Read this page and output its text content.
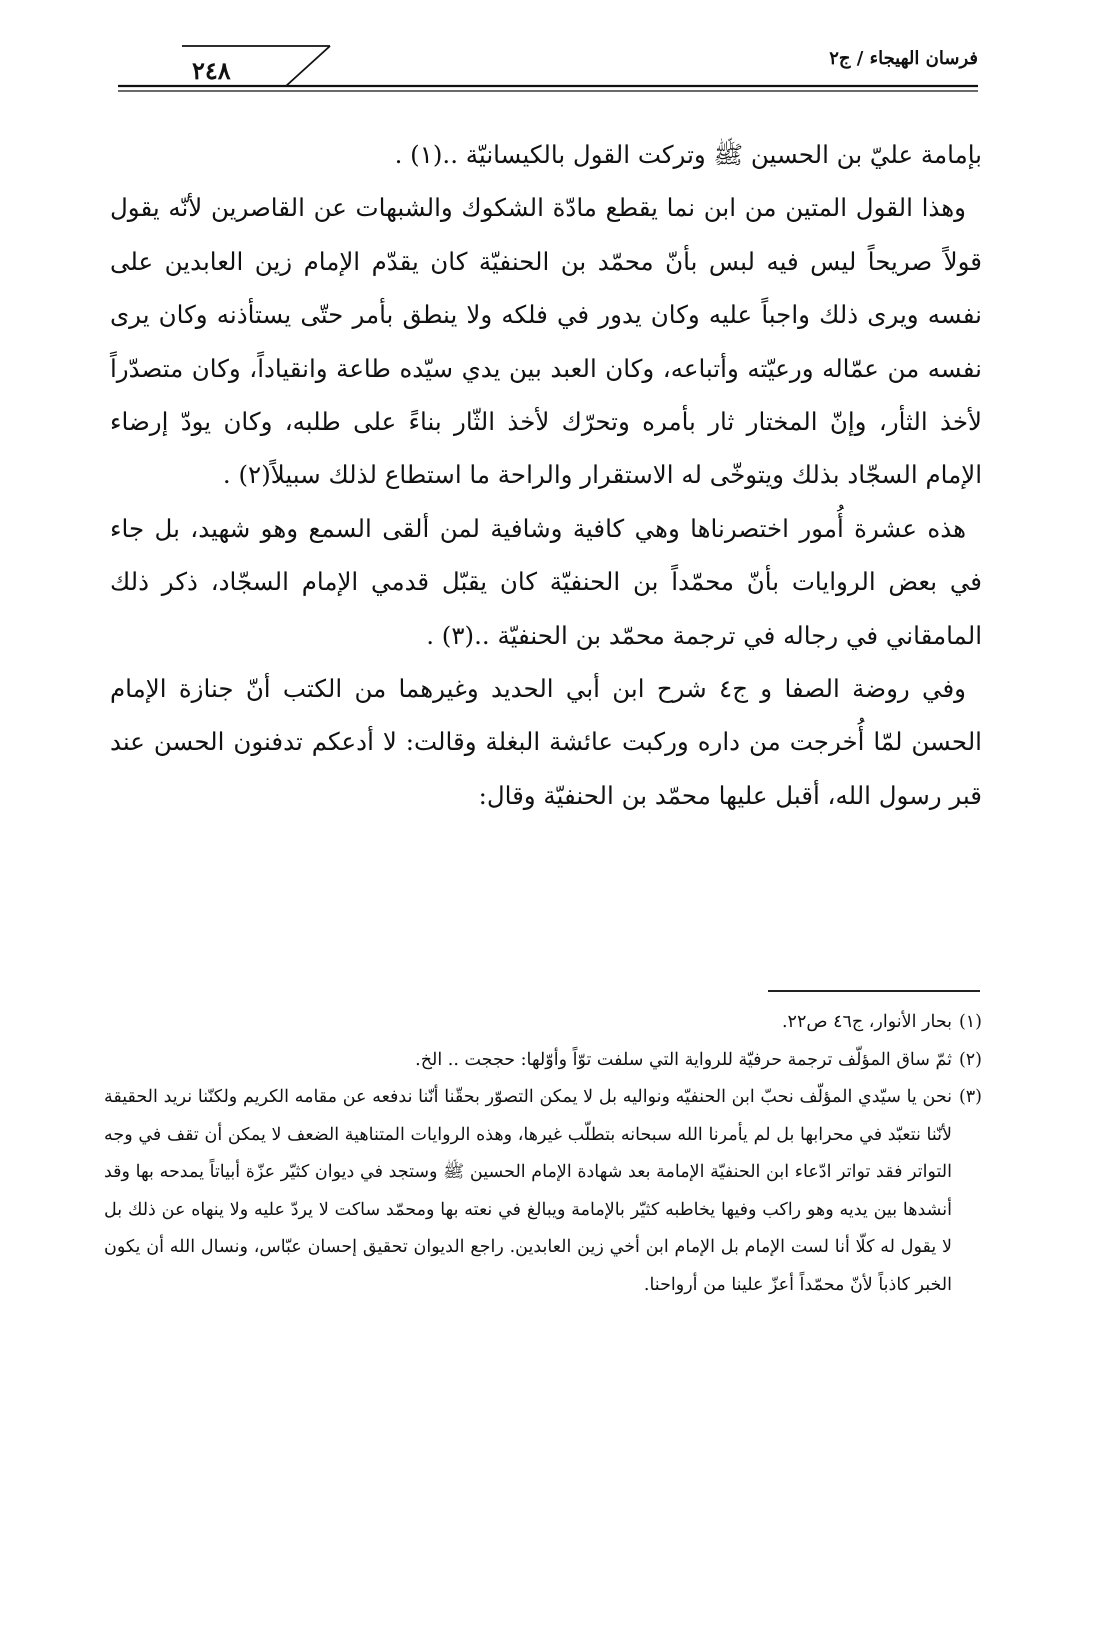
٢٤٨	فرسان الهيجاء / ج٢

بإمامة عليّ بن الحسين ﷺ وتركت القول بالكيسانيّة ..(١) .

وهذا القول المتين من ابن نما يقطع مادّة الشكوك والشبهات عن القاصرين لأنّه يقول قولاً صريحاً ليس فيه لبس بأنّ محمّد بن الحنفيّة كان يقدّم الإمام زين العابدين على نفسه ويرى ذلك واجباً عليه وكان يدور في فلكه ولا ينطق بأمر حتّى يستأذنه وكان يرى نفسه من عمّاله ورعيّته وأتباعه، وكان العبد بين يدي سيّده طاعة وانقياداً، وكان متصدّراً لأخذ الثأر، وإنّ المختار ثار بأمره وتحرّك لأخذ الثّار بناءً على طلبه، وكان يودّ إرضاء الإمام السجّاد بذلك ويتوخّى له الاستقرار والراحة ما استطاع لذلك سبيلاً(٢) .

هذه عشرة أُمور اختصرناها وهي كافية وشافية لمن ألقى السمع وهو شهيد، بل جاء في بعض الروايات بأنّ محمّداً بن الحنفيّة كان يقبّل قدمي الإمام السجّاد، ذكر ذلك المامقاني في رجاله في ترجمة محمّد بن الحنفيّة ..(٣) .

وفي روضة الصفا و ج٤ شرح ابن أبي الحديد وغيرهما من الكتب أنّ جنازة الإمام الحسن لمّا أُخرجت من داره وركبت عائشة البغلة وقالت: لا أدعكم تدفنون الحسن عند قبر رسول الله، أقبل عليها محمّد بن الحنفيّة وقال:

(١)
بحار الأنوار، ج٤٦ ص٢٢.

(٢)
ثمّ ساق المؤلّف ترجمة حرفيّة للرواية التي سلفت توّاً وأوّلها: حججت .. الخ.

(٣)
نحن يا سيّدي المؤلّف نحبّ ابن الحنفيّه ونواليه بل لا يمكن التصوّر بحقّنا أنّنا ندفعه عن مقامه الكريم ولكنّنا نريد الحقيقة لأنّنا نتعبّد في محرابها بل لم يأمرنا الله سبحانه بتطلّب غيرها، وهذه الروايات المتناهية الضعف لا يمكن أن تقف في وجه التواتر فقد تواتر ادّعاء ابن الحنفيّة الإمامة بعد شهادة الإمام الحسين ﷺ وستجد في ديوان كثيّر عزّة أبياتاً يمدحه بها وقد أنشدها بين يديه وهو راكب وفيها يخاطبه كثيّر بالإمامة ويبالغ في نعته بها ومحمّد ساكت لا يردّ عليه ولا ينهاه عن ذلك بل لا يقول له كلّا أنا لست الإمام بل الإمام ابن أخي زين العابدين. راجع الديوان تحقيق إحسان عبّاس، ونسال الله أن يكون الخبر كاذباً لأنّ محمّداً أعزّ علينا من أرواحنا.
